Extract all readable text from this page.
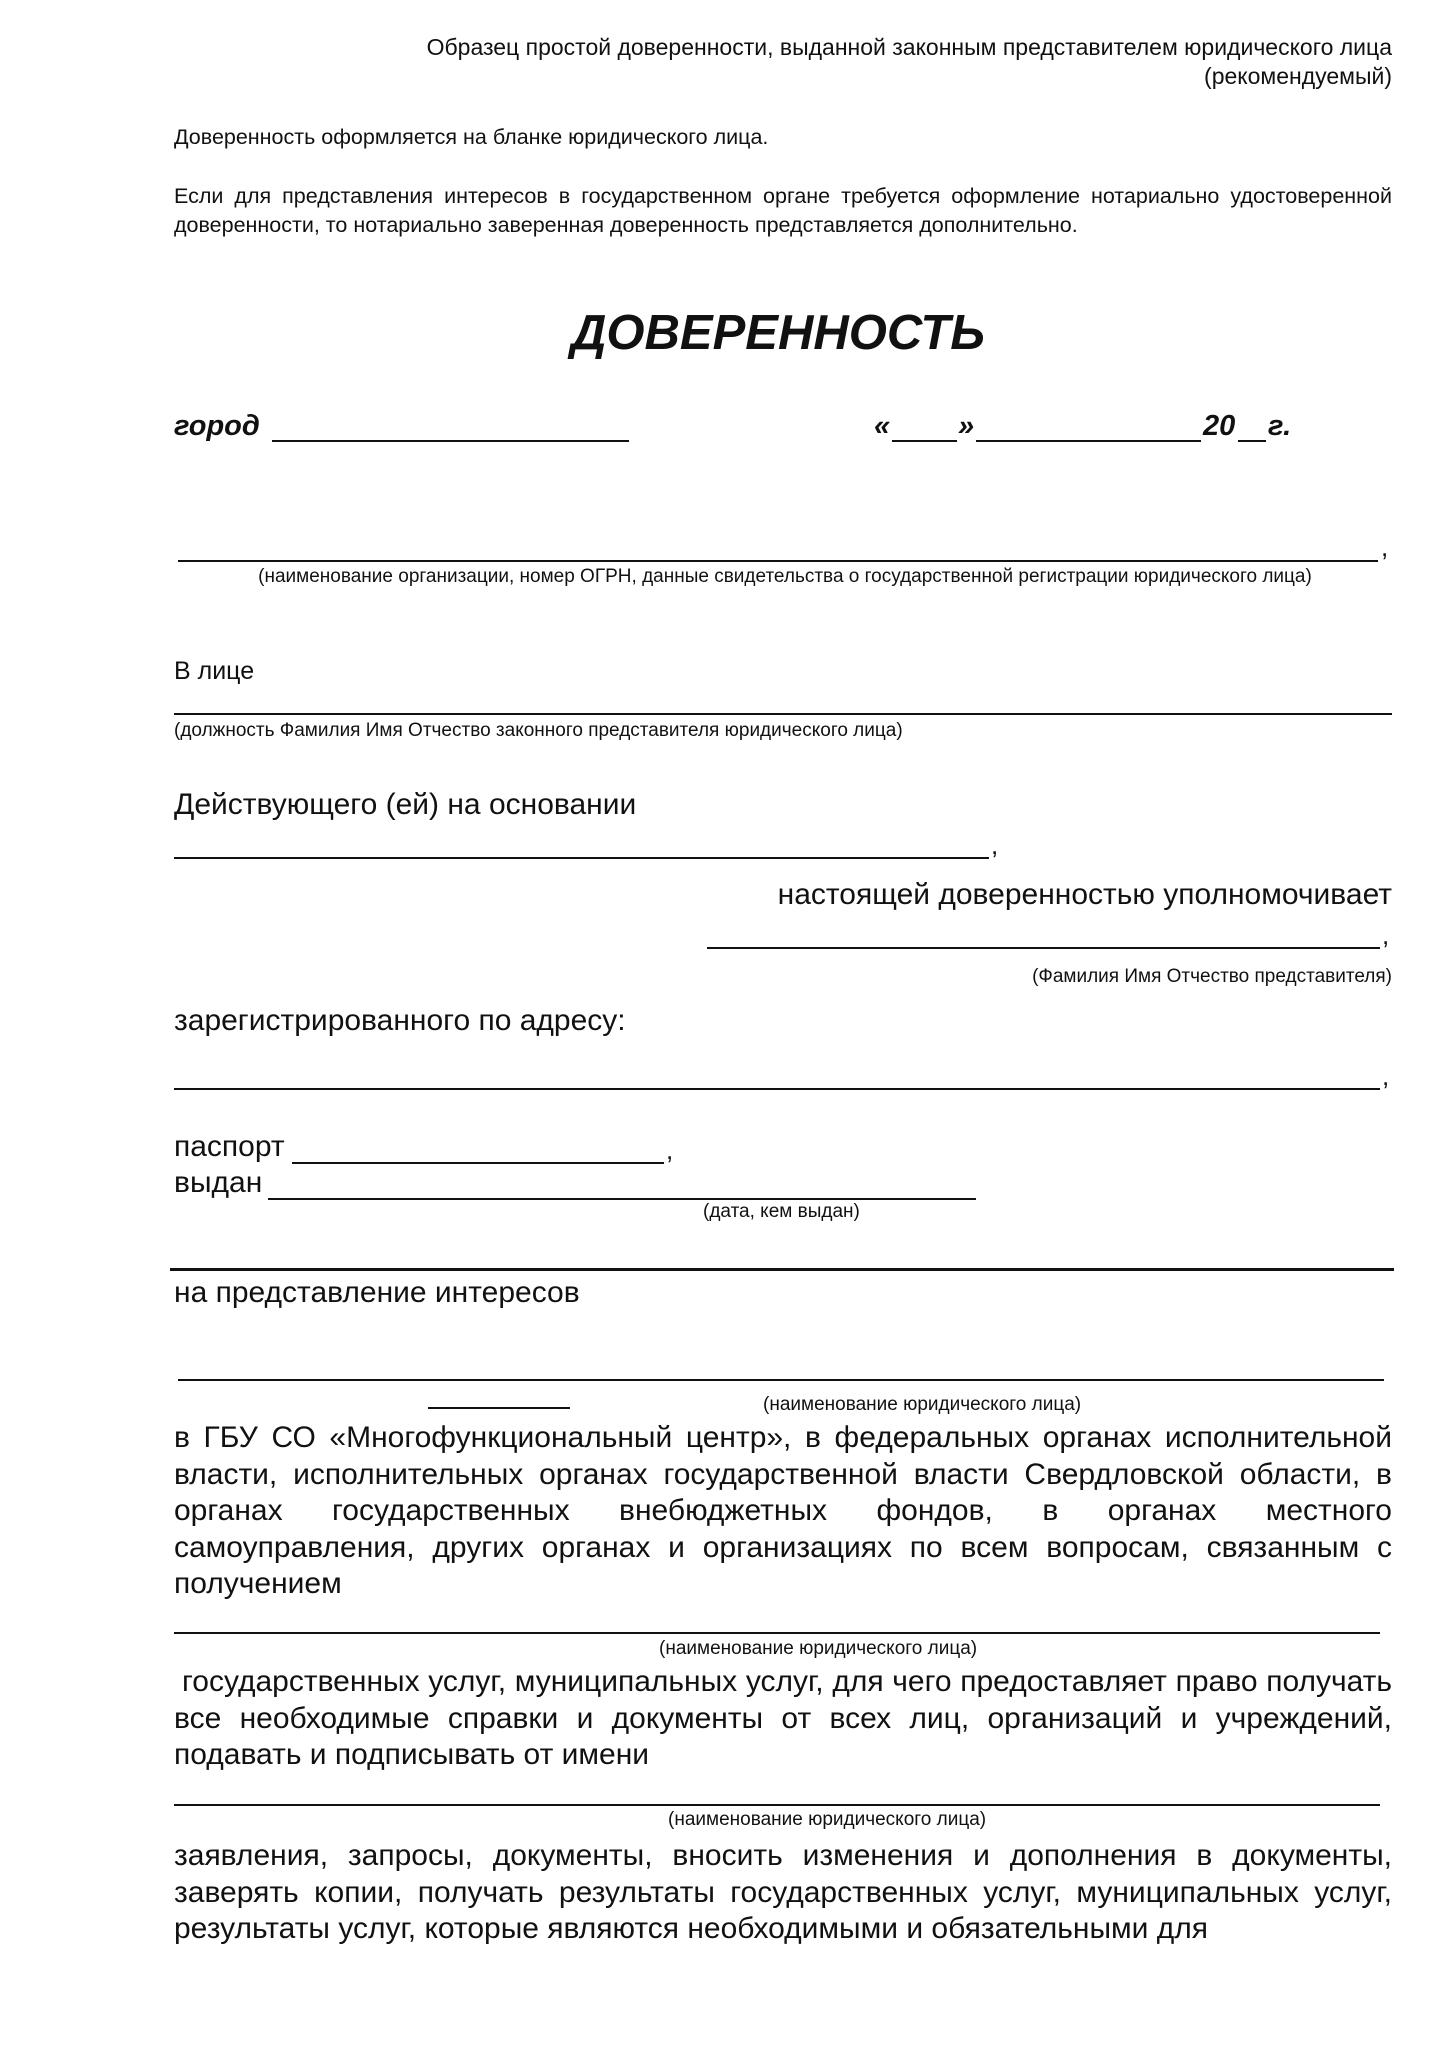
Образец простой доверенности, выданной законным представителем юридического лица
(рекомендуемый)
Доверенность оформляется на бланке юридического лица.
Если для представления интересов в государственном органе требуется оформление нотариально удостоверенной доверенности, то нотариально заверенная доверенность представляется дополнительно.
ДОВЕРЕННОСТЬ
город	« »	20 г.
,
(наименование организации, номер ОГРН, данные свидетельства о государственной регистрации юридического лица)
В лице
(должность Фамилия Имя Отчество законного представителя юридического лица)
Действующего (ей) на основании
,
настоящей доверенностью уполномочивает
,
(Фамилия Имя Отчество представителя)
зарегистрированного по адресу:
,
паспорт	,
выдан
(дата, кем выдан)
на представление интересов
(наименование юридического лица)
в ГБУ СО «Многофункциональный центр», в федеральных органах исполнительной власти, исполнительных органах государственной власти Свердловской области, в органах государственных внебюджетных фондов, в органах местного самоуправления, других органах и организациях по всем вопросам, связанным с получением
(наименование юридического лица)
государственных услуг, муниципальных услуг, для чего предоставляет право получать все необходимые справки и документы от всех лиц, организаций и учреждений, подавать и подписывать от имени
(наименование юридического лица)
заявления, запросы, документы, вносить изменения и дополнения в документы, заверять копии, получать результаты государственных услуг, муниципальных услуг, результаты услуг, которые являются необходимыми и обязательными для
